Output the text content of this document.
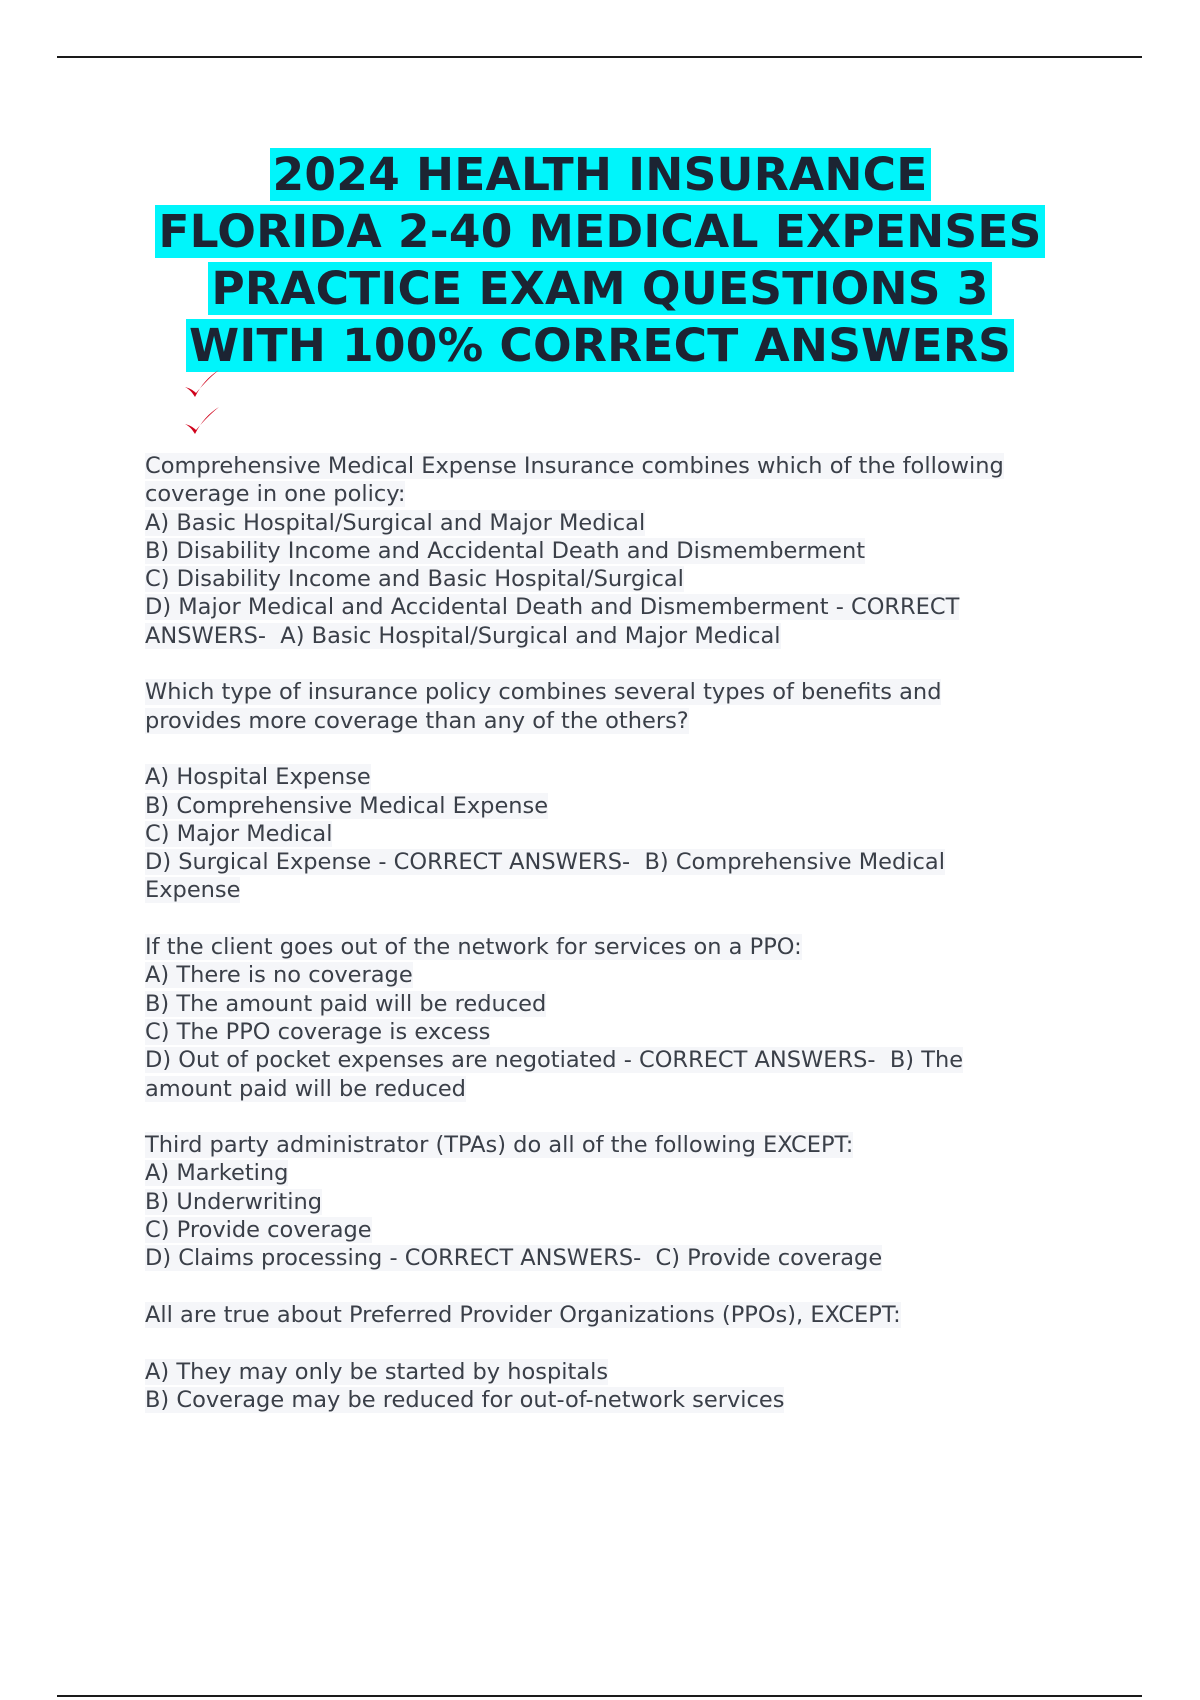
2024 HEALTH INSURANCE
FLORIDA 2-40 MEDICAL EXPENSES
PRACTICE EXAM QUESTIONS 3
WITH 100% CORRECT ANSWERS
Comprehensive Medical Expense Insurance combines which of the following
coverage in one policy:
A) Basic Hospital/Surgical and Major Medical
B) Disability Income and Accidental Death and Dismemberment
C) Disability Income and Basic Hospital/Surgical
D) Major Medical and Accidental Death and Dismemberment - CORRECT
ANSWERS-  A) Basic Hospital/Surgical and Major Medical
Which type of insurance policy combines several types of benefits and
provides more coverage than any of the others?
A) Hospital Expense
B) Comprehensive Medical Expense
C) Major Medical
D) Surgical Expense - CORRECT ANSWERS-  B) Comprehensive Medical
Expense
If the client goes out of the network for services on a PPO:
A) There is no coverage
B) The amount paid will be reduced
C) The PPO coverage is excess
D) Out of pocket expenses are negotiated - CORRECT ANSWERS-  B) The
amount paid will be reduced
Third party administrator (TPAs) do all of the following EXCEPT:
A) Marketing
B) Underwriting
C) Provide coverage
D) Claims processing - CORRECT ANSWERS-  C) Provide coverage
All are true about Preferred Provider Organizations (PPOs), EXCEPT:
A) They may only be started by hospitals
B) Coverage may be reduced for out-of-network services
